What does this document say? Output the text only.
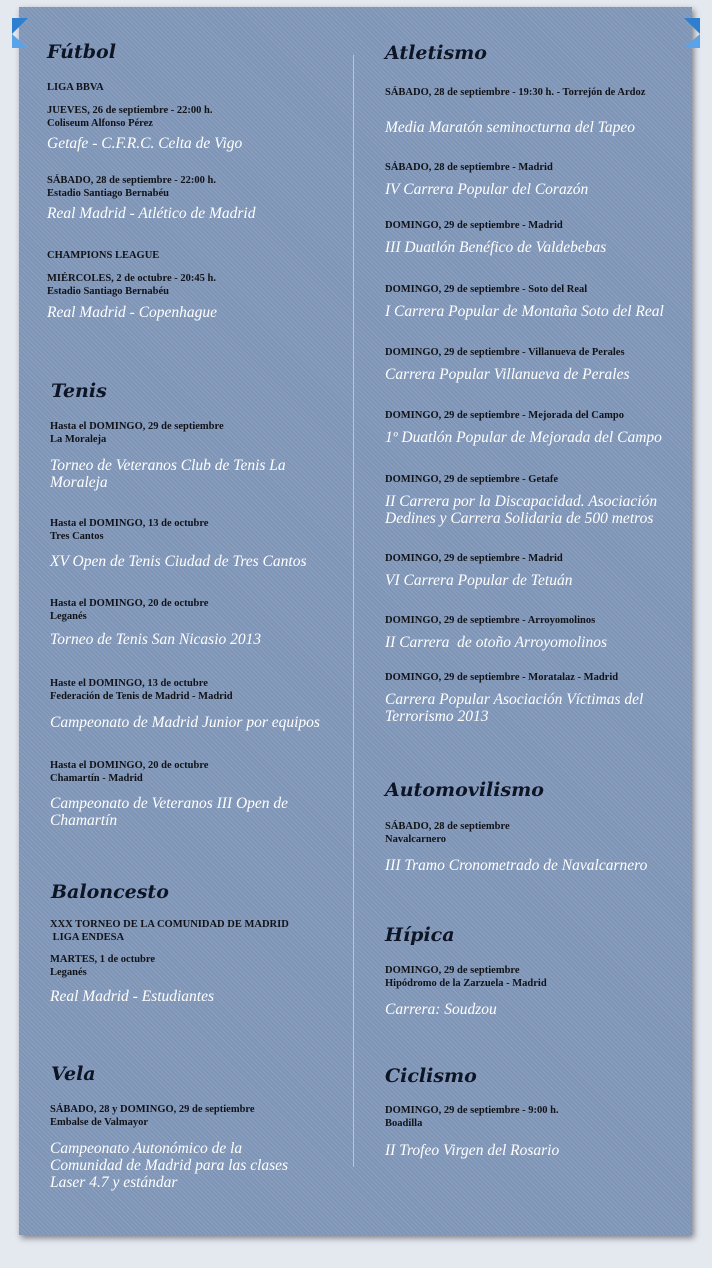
Fútbol

LIGA BBVA

JUEVES, 26 de septiembre - 22:00 h.
Coliseum Alfonso Pérez

Getafe - C.F.R.C. Celta de Vigo

SÁBADO, 28 de septiembre - 22:00 h.
Estadio Santiago Bernabéu

Real Madrid - Atlético de Madrid

CHAMPIONS LEAGUE

MIÉRCOLES, 2 de octubre - 20:45 h.
Estadio Santiago Bernabéu

Real Madrid - Copenhague

Tenis

Hasta el DOMINGO, 29 de septiembre
La Moraleja

Torneo de Veteranos Club de Tenis La Moraleja

Hasta el DOMINGO, 13 de octubre
Tres Cantos

XV Open de Tenis Ciudad de Tres Cantos

Hasta el DOMINGO, 20 de octubre
Leganés

Torneo de Tenis San Nicasio 2013

Haste el DOMINGO, 13 de octubre
Federación de Tenis de Madrid - Madrid

Campeonato de Madrid Junior por equipos

Hasta el DOMINGO, 20 de octubre
Chamartín - Madrid

Campeonato de Veteranos III Open de Chamartín

Baloncesto

XXX TORNEO DE LA COMUNIDAD DE MADRID
LIGA ENDESA

MARTES, 1 de octubre
Leganés

Real Madrid - Estudiantes

Vela

SÁBADO, 28 y DOMINGO, 29 de septiembre
Embalse de Valmayor

Campeonato Autonómico de la Comunidad de Madrid para las clases Laser 4.7 y estándar

Atletismo

SÁBADO, 28 de septiembre - 19:30 h. - Torrejón de Ardoz

Media Maratón seminocturna del Tapeo

SÁBADO, 28 de septiembre - Madrid

IV Carrera Popular del Corazón

DOMINGO, 29 de septiembre - Madrid

III Duatlón Benéfico de Valdebebas

DOMINGO, 29 de septiembre - Soto del Real

I Carrera Popular de Montaña Soto del Real

DOMINGO, 29 de septiembre - Villanueva de Perales

Carrera Popular Villanueva de Perales

DOMINGO, 29 de septiembre - Mejorada del Campo

1º Duatlón Popular de Mejorada del Campo

DOMINGO, 29 de septiembre - Getafe

II Carrera por la Discapacidad. Asociación Dedines y Carrera Solidaria de 500 metros

DOMINGO, 29 de septiembre - Madrid

VI Carrera Popular de Tetuán

DOMINGO, 29 de septiembre - Arroyomolinos

II Carrera  de otoño Arroyomolinos

DOMINGO, 29 de septiembre - Moratalaz - Madrid

Carrera Popular Asociación Víctimas del Terrorismo 2013

Automovilismo

SÁBADO, 28 de septiembre
Navalcarnero

III Tramo Cronometrado de Navalcarnero

Hípica

DOMINGO, 29 de septiembre
Hipódromo de la Zarzuela - Madrid

Carrera: Soudzou

Ciclismo

DOMINGO, 29 de septiembre - 9:00 h.
Boadilla

II Trofeo Virgen del Rosario
